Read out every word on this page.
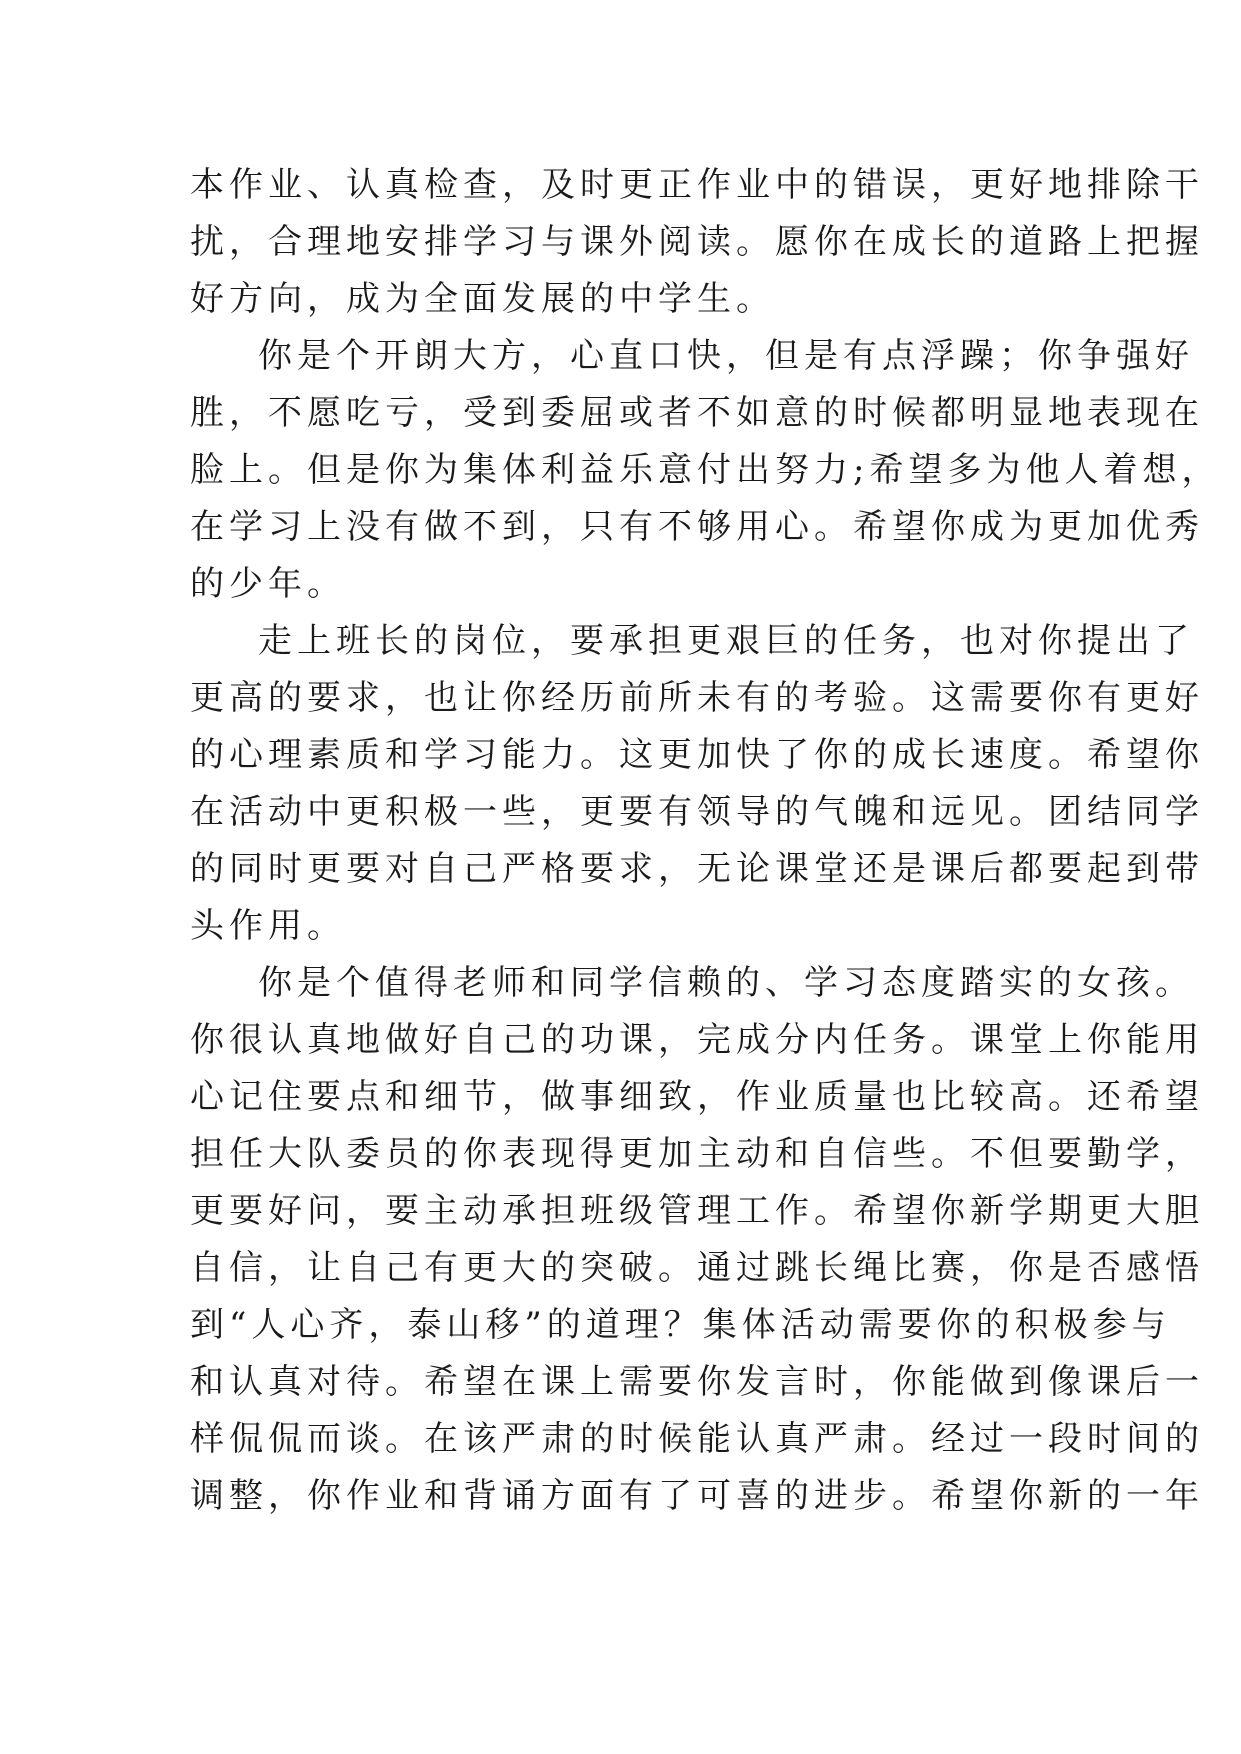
本作业、认真检查，及时更正作业中的错误，更好地排除干
扰，合理地安排学习与课外阅读。愿你在成长的道路上把握
好方向，成为全面发展的中学生。
你是个开朗大方，心直口快，但是有点浮躁；你争强好
胜，不愿吃亏，受到委屈或者不如意的时候都明显地表现在
脸上。但是你为集体利益乐意付出努力;希望多为他人着想，
在学习上没有做不到，只有不够用心。希望你成为更加优秀
的少年。
走上班长的岗位，要承担更艰巨的任务，也对你提出了
更高的要求，也让你经历前所未有的考验。这需要你有更好
的心理素质和学习能力。这更加快了你的成长速度。希望你
在活动中更积极一些，更要有领导的气魄和远见。团结同学
的同时更要对自己严格要求，无论课堂还是课后都要起到带
头作用。
你是个值得老师和同学信赖的、学习态度踏实的女孩。
你很认真地做好自己的功课，完成分内任务。课堂上你能用
心记住要点和细节，做事细致，作业质量也比较高。还希望
担任大队委员的你表现得更加主动和自信些。不但要勤学，
更要好问，要主动承担班级管理工作。希望你新学期更大胆
自信，让自己有更大的突破。通过跳长绳比赛，你是否感悟
到“人心齐，泰山移”的道理？集体活动需要你的积极参与
和认真对待。希望在课上需要你发言时，你能做到像课后一
样侃侃而谈。在该严肃的时候能认真严肃。经过一段时间的
调整，你作业和背诵方面有了可喜的进步。希望你新的一年
